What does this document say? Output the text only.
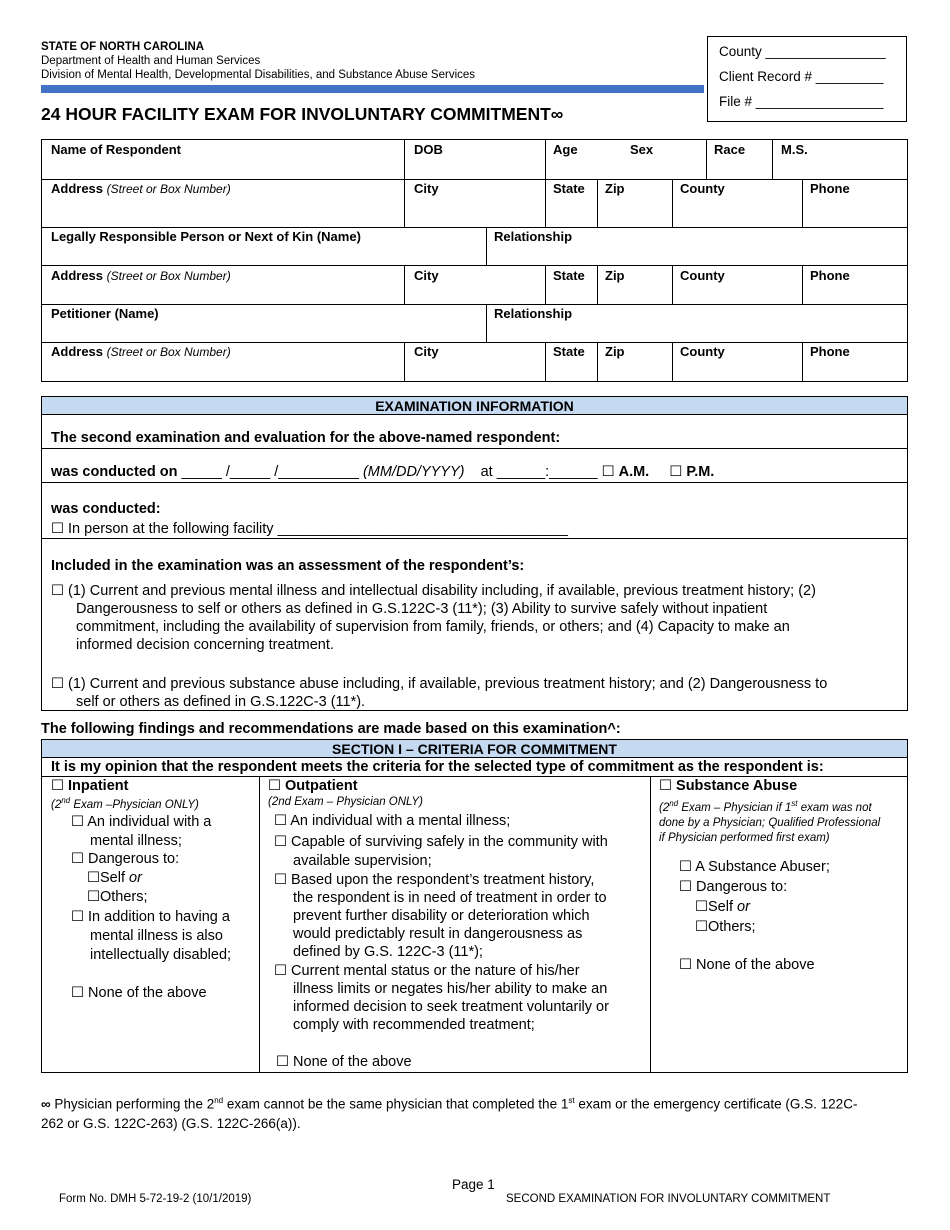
STATE OF NORTH CAROLINA
Department of Health and Human Services
Division of Mental Health, Developmental Disabilities, and Substance Abuse Services
24 HOUR FACILITY EXAM FOR INVOLUNTARY COMMITMENT∞
County ________________
Client Record # _________
File # _________________
Name of Respondent	DOB	Age	Sex	Race	M.S.
Address (Street or Box Number)	City	State Zip	County	Phone
Legally Responsible Person or Next of Kin (Name)	Relationship
Address (Street or Box Number)	City	State Zip	County	Phone
Petitioner (Name)	Relationship
Address (Street or Box Number)	City	State Zip	County	Phone
EXAMINATION INFORMATION
The second examination and evaluation for the above-named respondent:
was conducted on _____ /_____ /__________ (MM/DD/YYYY) at ______:______ ☐ A.M. ☐ P.M.
was conducted:
☐ In person at the following facility ____________________________________
Included in the examination was an assessment of the respondent’s:
☐ (1) Current and previous mental illness and intellectual disability including, if available, previous treatment history; (2)
Dangerousness to self or others as defined in G.S.122C-3 (11*); (3) Ability to survive safely without inpatient
commitment, including the availability of supervision from family, friends, or others; and (4) Capacity to make an
informed decision concerning treatment.
☐ (1) Current and previous substance abuse including, if available, previous treatment history; and (2) Dangerousness to
self or others as defined in G.S.122C-3 (11*).
The following findings and recommendations are made based on this examination^:
SECTION I – CRITERIA FOR COMMITMENT
It is my opinion that the respondent meets the criteria for the selected type of commitment as the respondent is:
☐ Inpatient
(2nd Exam –Physician ONLY)
☐ An individual with a
mental illness;
☐ Dangerous to:
☐Self or
☐Others;
☐ In addition to having a
mental illness is also
intellectually disabled;
☐ None of the above
☐ Outpatient
(2nd Exam – Physician ONLY)
☐ An individual with a mental illness;
☐ Capable of surviving safely in the community with
available supervision;
☐ Based upon the respondent’s treatment history,
the respondent is in need of treatment in order to
prevent further disability or deterioration which
would predictably result in dangerousness as
defined by G.S. 122C-3 (11*);
☐ Current mental status or the nature of his/her
illness limits or negates his/her ability to make an
informed decision to seek treatment voluntarily or
comply with recommended treatment;
☐ None of the above
☐ Substance Abuse
(2nd Exam – Physician if 1st exam was not
done by a Physician; Qualified Professional
if Physician performed first exam)
☐ A Substance Abuser;
☐ Dangerous to:
☐Self or
☐Others;
☐ None of the above
∞ Physician performing the 2nd exam cannot be the same physician that completed the 1st exam or the emergency certificate (G.S. 122C-
262 or G.S. 122C-263) (G.S. 122C-266(a)).
Page 1
Form No. DMH 5-72-19-2 (10/1/2019)	SECOND EXAMINATION FOR INVOLUNTARY COMMITMENT
